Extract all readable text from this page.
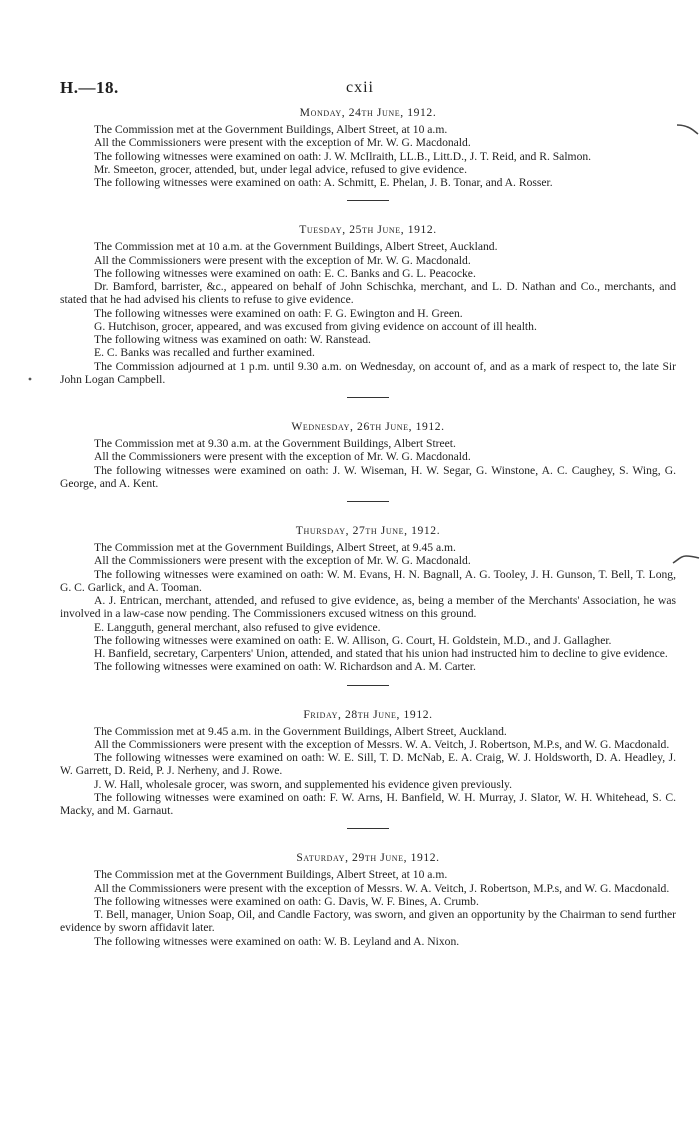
H.—18.	cxii
Monday, 24th June, 1912.

The Commission met at the Government Buildings, Albert Street, at 10 a.m.

All the Commissioners were present with the exception of Mr. W. G. Macdonald.

The following witnesses were examined on oath: J. W. McIlraith, LL.B., Litt.D., J. T. Reid, and R. Salmon.

Mr. Smeeton, grocer, attended, but, under legal advice, refused to give evidence.

The following witnesses were examined on oath: A. Schmitt, E. Phelan, J. B. Tonar, and A. Rosser.

Tuesday, 25th June, 1912.

The Commission met at 10 a.m. at the Government Buildings, Albert Street, Auckland.

All the Commissioners were present with the exception of Mr. W. G. Macdonald.

The following witnesses were examined on oath: E. C. Banks and G. L. Peacocke.

Dr. Bamford, barrister, &c., appeared on behalf of John Schischka, merchant, and L. D. Nathan and Co., merchants, and stated that he had advised his clients to refuse to give evidence.

The following witnesses were examined on oath: F. G. Ewington and H. Green.

G. Hutchison, grocer, appeared, and was excused from giving evidence on account of ill health.

The following witness was examined on oath: W. Ranstead.

E. C. Banks was recalled and further examined.

The Commission adjourned at 1 p.m. until 9.30 a.m. on Wednesday, on account of, and as a mark of respect to, the late Sir John Logan Campbell.

Wednesday, 26th June, 1912.

The Commission met at 9.30 a.m. at the Government Buildings, Albert Street.

All the Commissioners were present with the exception of Mr. W. G. Macdonald.

The following witnesses were examined on oath: J. W. Wiseman, H. W. Segar, G. Winstone, A. C. Caughey, S. Wing, G. George, and A. Kent.

Thursday, 27th June, 1912.

The Commission met at the Government Buildings, Albert Street, at 9.45 a.m.

All the Commissioners were present with the exception of Mr. W. G. Macdonald.

The following witnesses were examined on oath: W. M. Evans, H. N. Bagnall, A. G. Tooley, J. H. Gunson, T. Bell, T. Long, G. C. Garlick, and A. Tooman.

A. J. Entrican, merchant, attended, and refused to give evidence, as, being a member of the Merchants' Association, he was involved in a law-case now pending. The Commissioners excused witness on this ground.

E. Langguth, general merchant, also refused to give evidence.

The following witnesses were examined on oath: E. W. Allison, G. Court, H. Goldstein, M.D., and J. Gallagher.

H. Banfield, secretary, Carpenters' Union, attended, and stated that his union had instructed him to decline to give evidence.

The following witnesses were examined on oath: W. Richardson and A. M. Carter.

Friday, 28th June, 1912.

The Commission met at 9.45 a.m. in the Government Buildings, Albert Street, Auckland.

All the Commissioners were present with the exception of Messrs. W. A. Veitch, J. Robertson, M.P.s, and W. G. Macdonald.

The following witnesses were examined on oath: W. E. Sill, T. D. McNab, E. A. Craig, W. J. Holdsworth, D. A. Headley, J. W. Garrett, D. Reid, P. J. Nerheny, and J. Rowe.

J. W. Hall, wholesale grocer, was sworn, and supplemented his evidence given previously.

The following witnesses were examined on oath: F. W. Arns, H. Banfield, W. H. Murray, J. Slator, W. H. Whitehead, S. C. Macky, and M. Garnaut.

Saturday, 29th June, 1912.

The Commission met at the Government Buildings, Albert Street, at 10 a.m.

All the Commissioners were present with the exception of Messrs. W. A. Veitch, J. Robertson, M.P.s, and W. G. Macdonald.

The following witnesses were examined on oath: G. Davis, W. F. Bines, A. Crumb.

T. Bell, manager, Union Soap, Oil, and Candle Factory, was sworn, and given an opportunity by the Chairman to send further evidence by sworn affidavit later.

The following witnesses were examined on oath: W. B. Leyland and A. Nixon.
